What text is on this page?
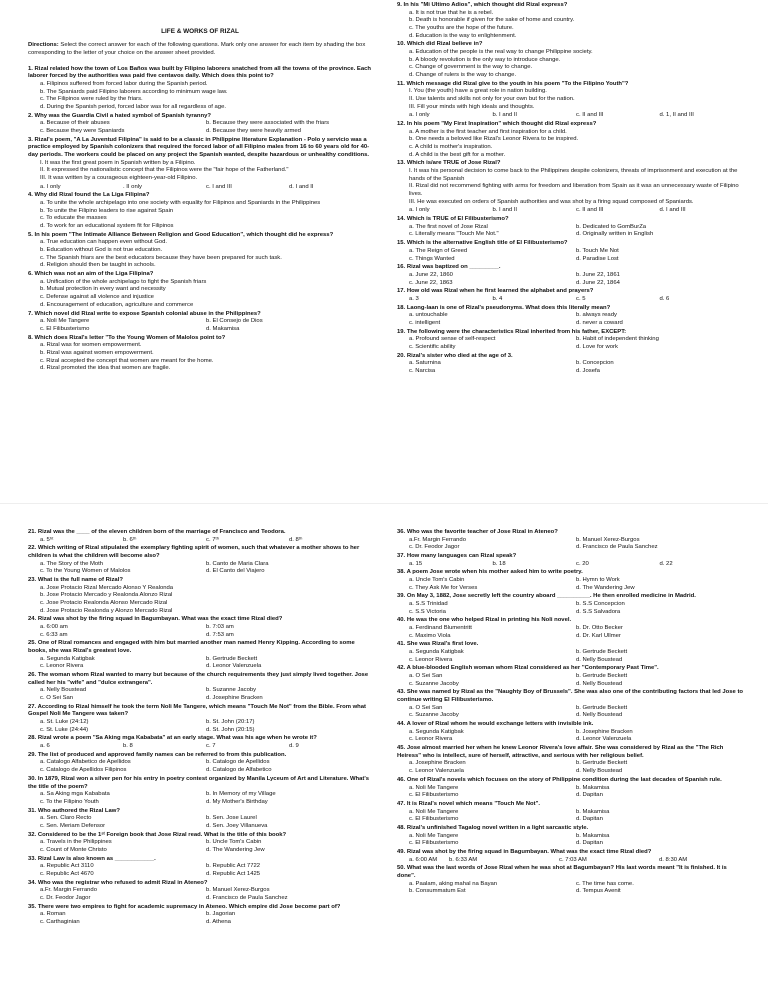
LIFE & WORKS OF RIZAL
Directions: Select the correct answer for each of the following questions. Mark only one answer for each item by shading the box corresponding to the letter of your choice on the answer sheet provided.
1. Rizal related how the town of Los Baños was built by Filipino laborers snatched from all the towns of the province. Each laborer forced by the authorities was paid five centavos daily. Which does this point to?
a. Filipinos suffered from forced labor during the Spanish period.
b. The Spaniards paid Filipino laborers according to minimum wage law.
c. The Filipinos were ruled by the friars.
d. During the Spanish period, forced labor was for all regardless of age.
2. Why was the Guardia Civil a hated symbol of Spanish tyranny?
a. Because of their abuses	b. Because they were associated with the friars
c. Because they were Spaniards	d. Because they were heavily armed
3. Rizal's poem, "A La Juventud Filipina" is said to be a classic in Philippine literature Explanation - Polo y servicio was a practice employed by Spanish colonizers that required the forced labor of all Filipino males from 16 to 60 years old for 40-day periods. The workers could be placed on any project the Spanish wanted, despite hazardous or unhealthy conditions.
I. It was the first great poem in Spanish written by a Filipino.
II. It expressed the nationalistic concept that the Filipinos were the "fair hope of the Fatherland."
III. It was written by a courageous eighteen-year-old Filipino.
a. I only	. II only	c. I and III	d. I and II
4. Why did Rizal found the La Liga Filipina?
a. To unite the whole archipelago into one society with equality for Filipinos and Spaniards in the Philippines
b. To unite the Filipino leaders to rise against Spain
c. To educate the masses
d. To work for an educational system fit for Filipinos
5. In his poem "The Intimate Alliance Between Religion and Good Education", which thought did he express?
a. True education can happen even without God.
b. Education without God is not true education.
c. The Spanish friars are the best educators because they have been prepared for such task.
d. Religion should then be taught in schools.
6. Which was not an aim of the Liga Filipina?
a. Unification of the whole archipelago to fight the Spanish friars
b. Mutual protection in every want and necessity
c. Defense against all violence and injustice
d. Encouragement of education, agriculture and commerce
7. Which novel did Rizal write to expose Spanish colonial abuse in the Philippines?
a. Noli Me Tangere	b. El Consejo de Dios
c. El Filibusterismo	d. Makamisa
8. Which does Rizal's letter "To the Young Women of Malolos point to?
a. Rizal was for women empowerment.
b. Rizal was against women empowerment.
c. Rizal accepted the concept that women are meant for the home.
d. Rizal promoted the idea that women are fragile.
9. In his "Mi Ultimo Adios", which thought did Rizal express?
a. It is not true that he is a rebel.
b. Death is honorable if given for the sake of home and country.
c. The youths are the hope of the future.
d. Education is the way to enlightenment.
10. Which did Rizal believe in?
a. Education of the people is the real way to change Philippine society.
b. A bloody revolution is the only way to introduce change.
c. Change of government is the way to change.
d. Change of rulers is the way to change.
11. Which message did Rizal give to the youth in his poem "To the Filipino Youth"?
I. You (the youth) have a great role in nation building.
II. Use talents and skills not only for your own but for the nation.
III. Fill your minds with high ideals and thoughts.
a. I only	b. I and II	c. II and III	d. 1, II and III
12. In his poem "My First Inspiration" which thought did Rizal express?
a. A mother is the first teacher and first inspiration for a child.
b. One needs a beloved like Rizal's Leonor Rivera to be inspired.
c. A child is mother's inspiration.
d. A child is the best gift for a mother.
13. Which is/are TRUE of Jose Rizal?
I. It was his personal decision to come back to the Philippines despite colonizers, threats of imprisonment and execution at the hands of the Spanish
II. Rizal did not recommend fighting with arms for freedom and liberation from Spain as it was an unnecessary waste of Filipino lives.
III. He was executed on orders of Spanish authorities and was shot by a firing squad composed of Spaniards.
a. I only	b. I and II	c. II and III	d. I and III
14. Which is TRUE of El Filibusterismo?
a. The first novel of Jose Rizal	b. Dedicated to GomBurZa
c. Literally means "Touch Me Not."	d. Originally written in English
15. Which is the alternative English title of El Filibusterismo?
a. The Reign of Greed	b. Touch Me Not
c. Things Wanted	d. Paradise Lost
16. Rizal was baptized on _________.
a. June 22, 1860	b. June 22, 1861
c. June 22, 1863	d. June 22, 1864
17. How old was Rizal when he first learned the alphabet and prayers?
a. 3	b. 4	c. 5	d. 6
18. Laong-laan is one of Rizal's pseudonyms. What does this literally mean?
a. untouchable	b. always ready
c. intelligent	d. never a coward
19. The following were the characteristics Rizal inherited from his father, EXCEPT:
a. Profound sense of self-respect	b. Habit of independent thinking
c. Scientific ability	d. Love for work
20. Rizal's sister who died at the age of 3.
a. Saturnina	b. Concepcion
c. Narcisa	d. Josefa
21. Rizal was the ____ of the eleven children born of the marriage of Francisco and Teodora.
a. 5ʰᵗ	b. 6ᵗʰ	c. 7ᵗʰ	d. 8ᵗʰ
22. Which writing of Rizal stipulated the exemplary fighting spirit of women, such that whatever a mother shows to her children is what the children will become also?
a. The Story of the Moth	b. Canto de Maria Clara
c. To the Young Women of Malolos	d. El Canto del Viajero
23. What is the full name of Rizal?
a. Jose Protacio Rizal Mercado Alonso Y Realonda
b. Jose Protacio Mercado y Realonda Alonzo Rizal
c. Jose Protacio Realonda Alonso Mercado Rizal
d. Jose Protacio Realonda y Alonzo Mercado Rizal
24. Rizal was shot by the firing squad in Bagumbayan. What was the exact time Rizal died?
a. 6:00 am	b. 7:03 am
c. 6:33 am	d. 7:53 am
25. One of Rizal romances and engaged with him but married another man named Henry Kipping. According to some books, she was Rizal's greatest love.
a. Segunda Katigbak	b. Gertrude Beckett
c. Leonor Rivera	d. Leonor Valenzuela
26. The woman whom Rizal wanted to marry but because of the church requirements they just simply lived together. Jose called her his "wife" and "dulce extrangera".
a. Nelly Boustead	b. Suzanne Jacoby
c. O Sei San	d. Josephine Bracken
27. According to Rizal himself he took the term Noli Me Tangere, which means "Touch Me Not" from the Bible. From what Gospel Noli Me Tangere was taken?
a. St. Luke (24:12)	b. St. John (20:17)
c. St. Luke (24:44)	d. St. John (20:15)
28. Rizal wrote a poem "Sa Aking mga Kababata" at an early stage. What was his age when he wrote it?
a. 6	b. 8	c. 7	d. 9
29. The list of produced and approved family names can be referred to from this publication.
a. Catalogo Alfabetico de Apellidos	b. Catalogo de Apellidos
c. Catalogo de Apellidos Filipinos	d. Catalogo de Alfabetico
30. In 1879, Rizal won a silver pen for his entry in poetry contest organized by Manila Lyceum of Art and Literature. What's the title of the poem?
a. Sa Aking mga Kababata	b. In Memory of my Village
c. To the Filipino Youth	d. My Mother's Birthday
31. Who authored the Rizal Law?
a. Sen. Claro Recto	b. Sen. Jose Laurel
c. Sen. Meriam Defensor	d. Sen. Joey Villanueva
32. Considered to be the 1ˢᵗ Foreign book that Jose Rizal read. What is the title of this book?
a. Travels in the Philippines	b. Uncle Tom's Cabin
c. Count of Monte Christo	d. The Wandering Jew
33. Rizal Law is also known as ____________.
a. Republic Act 3110	b. Republic Act 7722
c. Republic Act 4670	d. Republic Act 1425
34. Who was the registrar who refused to admit Rizal in Ateneo?
a.Fr. Margin Ferrando	b. Manuel Xerez-Burgos
c. Dr. Feodor Jagor	d. Francisco de Paula Sanchez
35. There were two empires to fight for academic supremacy in Ateneo. Which empire did Jose become part of?
a. Roman	b. Jagorian
c. Carthaginian	d. Athena
36. Who was the favorite teacher of Jose Rizal in Ateneo?
a.Fr. Margin Ferrando	b. Manuel Xerez-Burgos
c. Dr. Feodor Jagor	d. Francisco de Paula Sanchez
37. How many languages can Rizal speak?
a. 15	b. 18	c. 20	d. 22
38. A poem Jose wrote when his mother asked him to write poetry.
a. Uncle Tom's Cabin	b. Hymn to Work
c. They Ask Me for Verses	d. The Wandering Jew
39. On May 3, 1882, Jose secretly left the country aboard __________. He then enrolled medicine in Madrid.
a. S.S Trinidad	b. S.S Concepcion
c. S.S Victoria	d. S.S Salvadora
40. He was the one who helped Rizal in printing his Noli novel.
a. Ferdinand Blumentritt	b. Dr. Otto Becker
c. Maximo Viola	d. Dr. Karl Ullmer
41. She was Rizal's first love.
a. Segunda Katigbak	b. Gertrude Beckett
c. Leonor Rivera	d. Nelly Boustead
42. A blue-blooded English woman whom Rizal considered as her "Contemporary Past Time".
a. O Sei San	b. Gertrude Beckett
c. Suzanne Jacoby	d. Nelly Boustead
43. She was named by Rizal as the "Naughty Boy of Brussels". She was also one of the contributing factors that led Jose to continue writing El Filibusterismo.
a. O Sei San	b. Gertrude Beckett
c. Suzanne Jacoby	d. Nelly Boustead
44. A lover of Rizal whom he would exchange letters with invisible ink.
a. Segunda Katigbak	b. Josephine Bracken
c. Leonor Rivera	d. Leonor Valenzuela
45. Jose almost married her when he knew Leonor Rivera's love affair. She was considered by Rizal as the "The Rich Heiress" who is intellect, sure of herself, attractive, and serious with her religious belief.
a. Josephine Bracken	b. Gertrude Beckett
c. Leonor Valenzuela	d. Nelly Boustead
46. One of Rizal's novels which focuses on the story of Philippine condition during the last decades of Spanish rule.
a. Noli Me Tangere	b. Makamisa
c. El Filibusterismo	d. Dapitan
47. It is Rizal's novel which means "Touch Me Not".
a. Noli Me Tangere	b. Makamisa
c. El Filibusterismo	d. Dapitan
48. Rizal's unfinished Tagalog novel written in a light sarcastic style.
a. Noli Me Tangere	b. Makamisa
c. El Filibusterismo	d. Dapitan
49. Rizal was shot by the firing squad in Bagumbayan. What was the exact time Rizal died?
a. 6:00 AM	b. 6:33 AM	c. 7:03 AM	d. 8:30 AM
50. What was the last words of Jose Rizal when he was shot at Bagumbayan? His last words meant "It is finished. It is done".
a. Paalam, aking mahal na Bayan	c. The time has come.
b. Consummatum Est	d. Tempus Avenit
